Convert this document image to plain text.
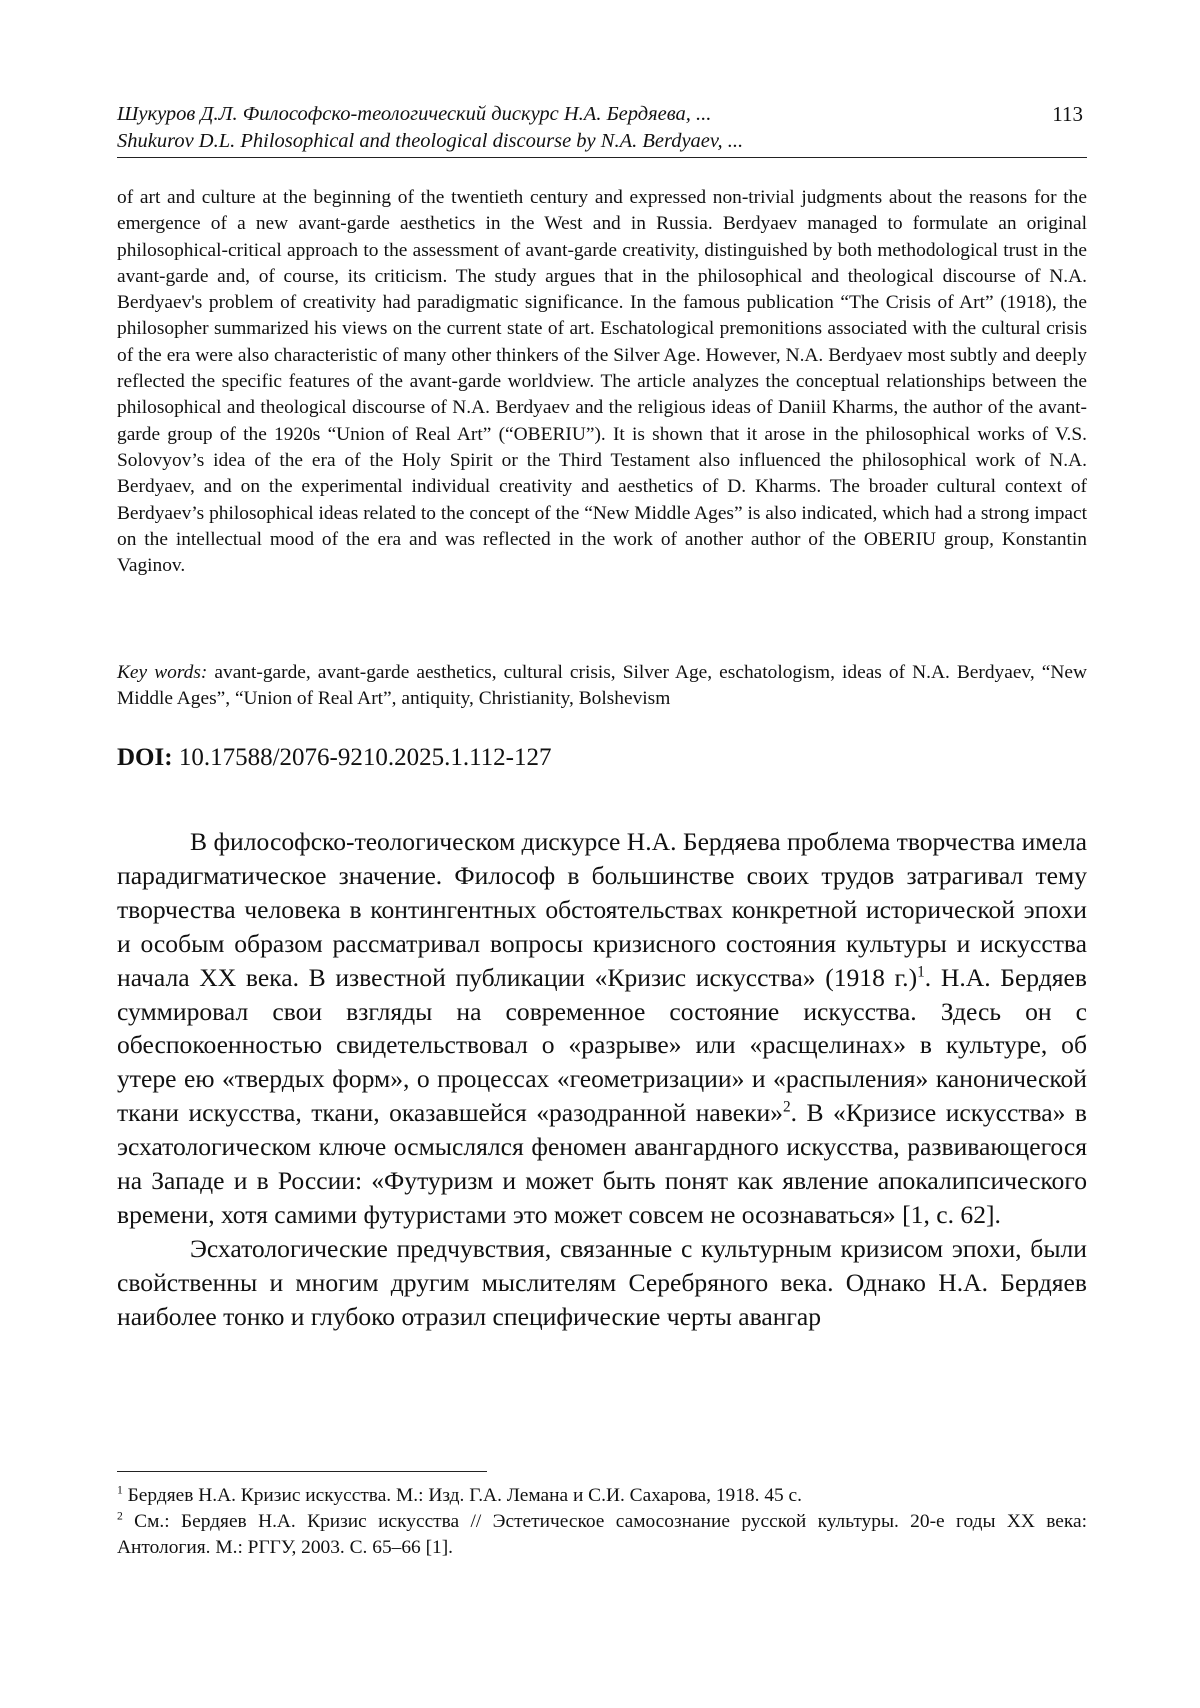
Шукуров Д.Л. Философско-теологический дискурс Н.А. Бердяева, ...
Shukurov D.L. Philosophical and theological discourse by N.A. Berdyaev, ...
113
of art and culture at the beginning of the twentieth century and expressed non-trivial judgments about the reasons for the emergence of a new avant-garde aesthetics in the West and in Russia. Berdyaev managed to formulate an original philosophical-critical approach to the assessment of avant-garde creativity, distinguished by both methodological trust in the avant-garde and, of course, its criticism. The study argues that in the philosophical and theological discourse of N.A. Berdyaev's problem of creativity had paradigmatic significance. In the famous publication “The Crisis of Art” (1918), the philosopher summarized his views on the current state of art. Eschatological premonitions associated with the cultural crisis of the era were also characteristic of many other thinkers of the Silver Age. However, N.A. Berdyaev most subtly and deeply reflected the specific features of the avant-garde worldview. The article analyzes the conceptual relationships between the philosophical and theological discourse of N.A. Berdyaev and the religious ideas of Daniil Kharms, the author of the avant-garde group of the 1920s “Union of Real Art” (“OBERIU”). It is shown that it arose in the philosophical works of V.S. Solovyov’s idea of the era of the Holy Spirit or the Third Testament also influenced the philosophical work of N.A. Berdyaev, and on the experimental individual creativity and aesthetics of D. Kharms. The broader cultural context of Berdyaev’s philosophical ideas related to the concept of the “New Middle Ages” is also indicated, which had a strong impact on the intellectual mood of the era and was reflected in the work of another author of the OBERIU group, Konstantin Vaginov.
Key words: avant-garde, avant-garde aesthetics, cultural crisis, Silver Age, eschatologism, ideas of N.A. Berdyaev, “New Middle Ages”, “Union of Real Art”, antiquity, Christianity, Bolshevism
DOI: 10.17588/2076-9210.2025.1.112-127

В философско-теологическом дискурсе Н.А. Бердяева проблема творчества имела парадигматическое значение. Философ в большинстве своих трудов затрагивал тему творчества человека в контингентных обстоятельствах конкретной исторической эпохи и особым образом рассматривал вопросы кризисного состояния культуры и искусства начала XX века. В известной публикации «Кризис искусства» (1918 г.)$^1$. Н.А. Бердяев суммировал свои взгляды на современное состояние искусства. Здесь он с обеспокоенностью свидетельствовал о «разрыве» или «расщелинах» в культуре, об утере ею «твердых форм», о процессах «геометризации» и «распыления» канонической ткани искусства, ткани, оказавшейся «разодранной навеки»$^2$. В «Кризисе искусства» в эсхатологическом ключе осмыслялся феномен авангардного искусства, развивающегося на Западе и в России: «Футуризм и может быть понят как явление апокалипсического времени, хотя самими футуристами это может совсем не осознаваться» [1, с. 62].

Эсхатологические предчувствия, связанные с культурным кризисом эпохи, были свойственны и многим другим мыслителям Серебряного века. Однако Н.А. Бердяев наиболее тонко и глубоко отразил специфические черты авангар

$^1$ Бердяев Н.А. Кризис искусства. М.: Изд. Г.А. Лемана и С.И. Сахарова, 1918. 45 с.

$^2$ См.: Бердяев Н.А. Кризис искусства // Эстетическое самосознание русской культуры. 20-е годы XX века: Антология. М.: РГГУ, 2003. С. 65–66 [1].
